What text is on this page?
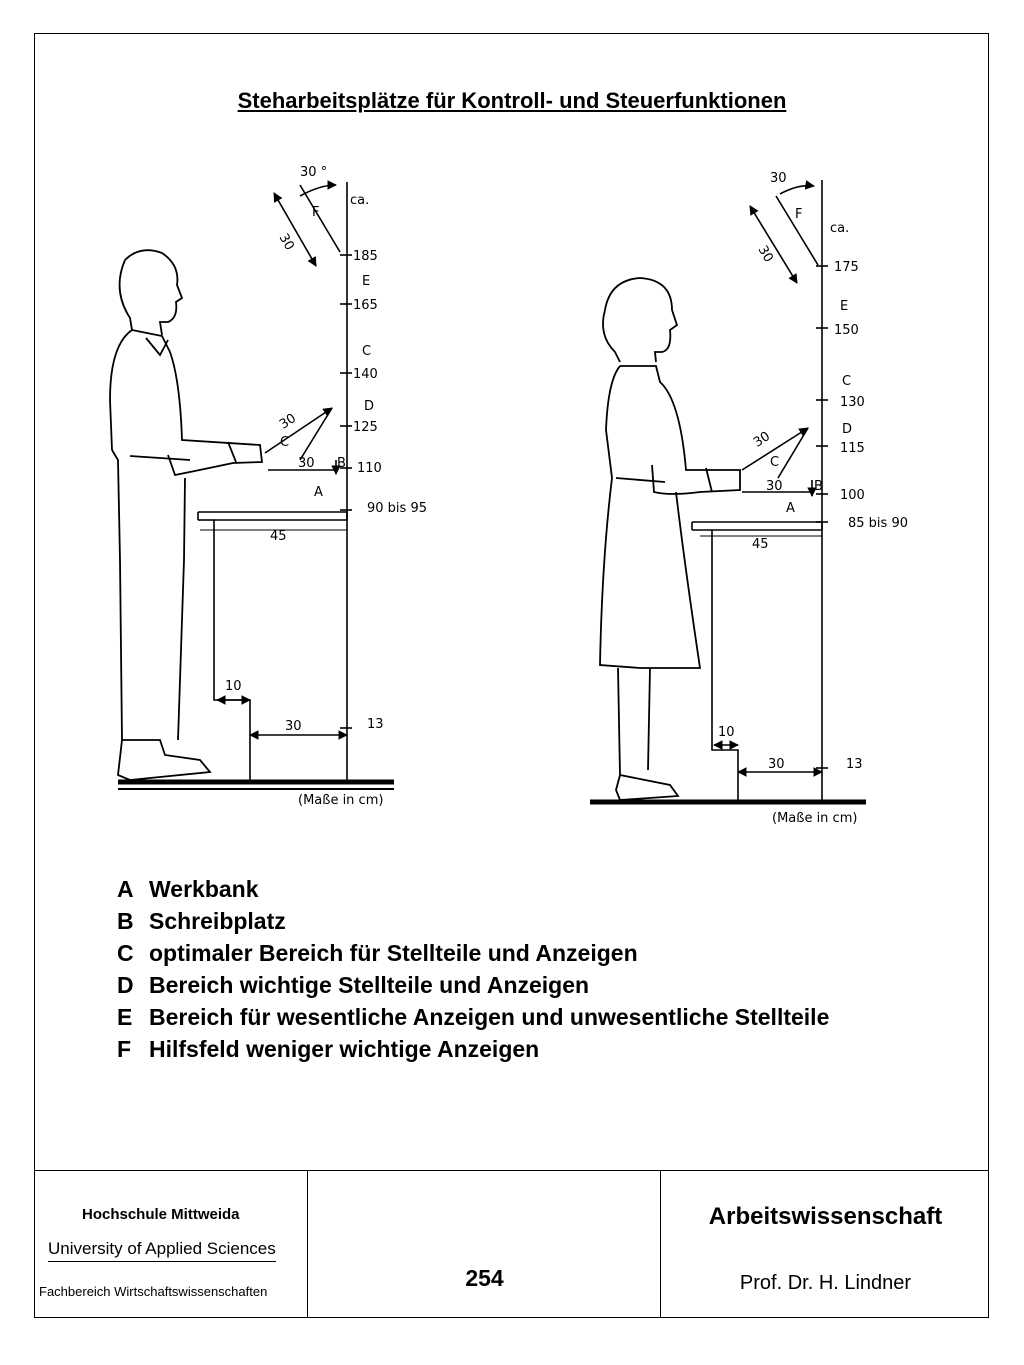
Steharbeitsplätze für Kontroll- und Steuerfunktionen
30 °
ca.
F
30
185
E
165
C
140
D
125
30
C
30 B 110
A
90 bis 95
45
10
30	13
(Maße in cm)
30
ca.
F
30
175
E
150
C
130
D
115
30
C
30 B
100
A
85 bis 90
45
10
30	13
(Maße in cm)
A Werkbank
B Schreibplatz
C optimaler Bereich für Stellteile und Anzeigen
D Bereich wichtige Stellteile und Anzeigen
E Bereich für wesentliche Anzeigen und unwesentliche Stellteile
F Hilfsfeld weniger wichtige Anzeigen
Hochschule Mittweida
University of Applied Sciences
Fachbereich Wirtschaftswissenschaften
254
Arbeitswissenschaft
Prof. Dr. H. Lindner
